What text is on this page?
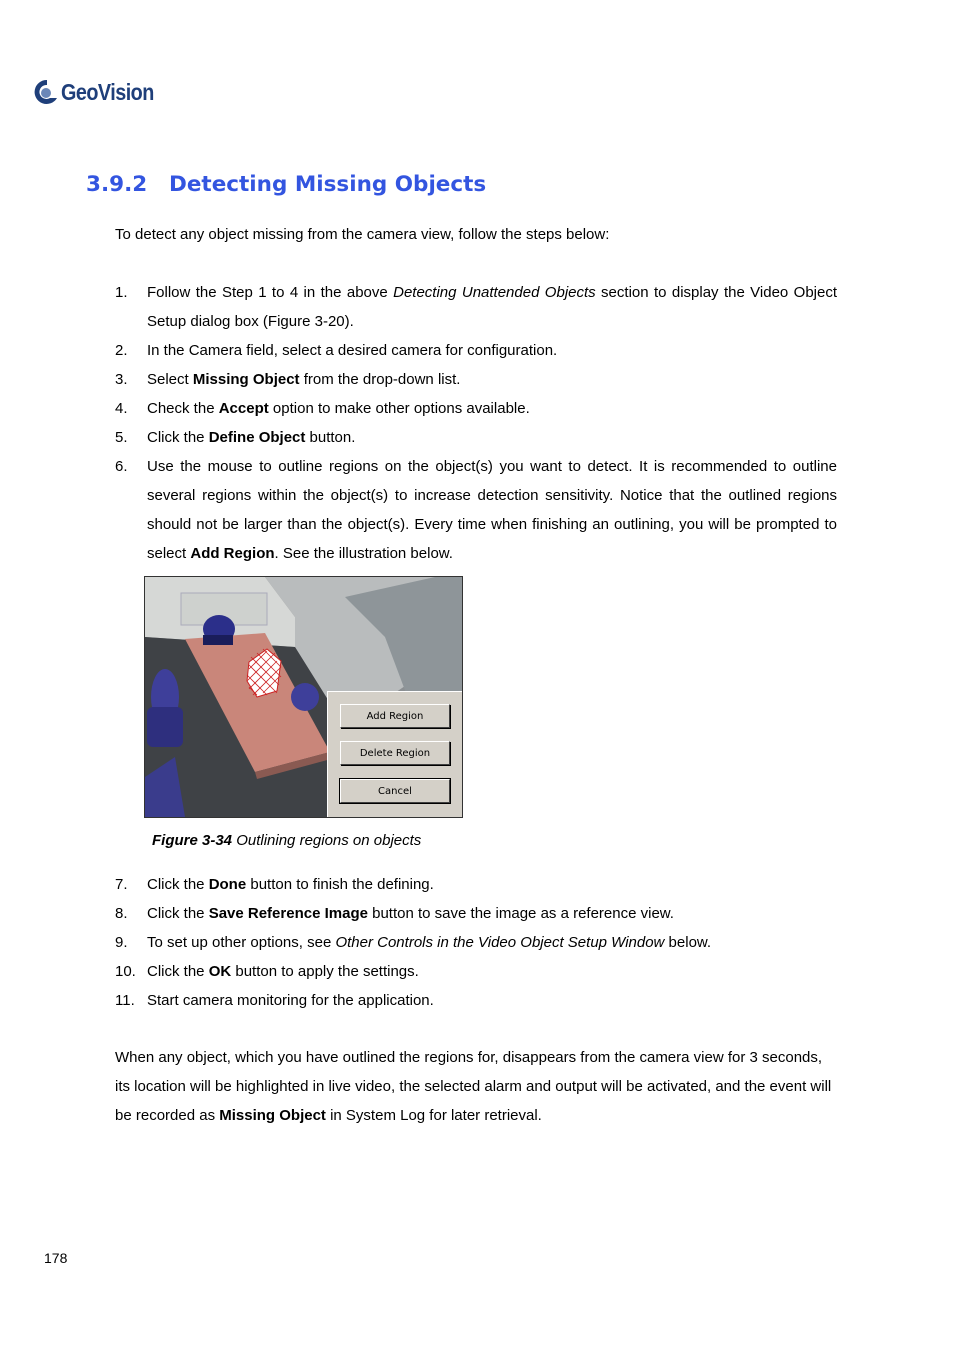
GeoVision
3.9.2 Detecting Missing Objects
To detect any object missing from the camera view, follow the steps below:
1. Follow the Step 1 to 4 in the above Detecting Unattended Objects section to display the Video Object Setup dialog box (Figure 3-20).
2. In the Camera field, select a desired camera for configuration.
3. Select Missing Object from the drop-down list.
4. Check the Accept option to make other options available.
5. Click the Define Object button.
6. Use the mouse to outline regions on the object(s) you want to detect. It is recommended to outline several regions within the object(s) to increase detection sensitivity. Notice that the outlined regions should not be larger than the object(s). Every time when finishing an outlining, you will be prompted to select Add Region. See the illustration below.
Add Region
Delete Region
Cancel
Figure 3-34 Outlining regions on objects
7. Click the Done button to finish the defining.
8. Click the Save Reference Image button to save the image as a reference view.
9. To set up other options, see Other Controls in the Video Object Setup Window below.
10. Click the OK button to apply the settings.
11. Start camera monitoring for the application.
When any object, which you have outlined the regions for, disappears from the camera view for 3 seconds, its location will be highlighted in live video, the selected alarm and output will be activated, and the event will be recorded as Missing Object in System Log for later retrieval.
178
